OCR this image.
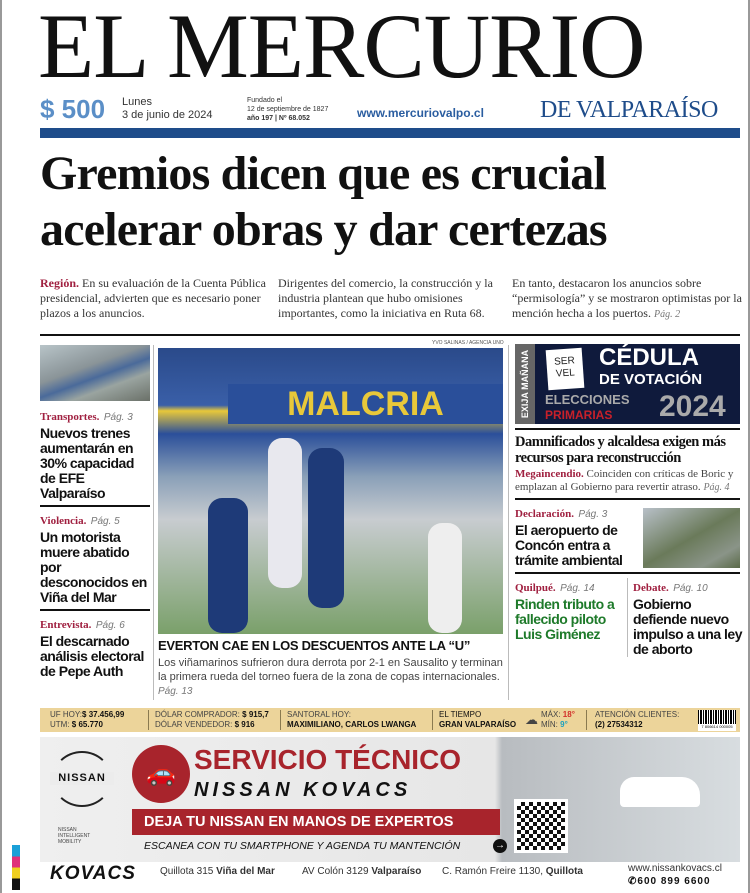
EL MERCURIO
$ 500 Lunes
3 de junio de 2024
Fundado el
12 de septiembre de 1827
año 197 | Nº 68.052	www.mercuriovalpo.cl DE VALPARAÍSO
Gremios dicen que es crucial acelerar obras y dar certezas
Región. En su evaluación de la Cuenta Pública presidencial, advierten que es necesario poner plazos a los anuncios.
Dirigentes del comercio, la construcción y la industria plantean que hubo omisiones importantes, como la iniciativa en Ruta 68.
En tanto, destacaron los anuncios sobre “permisología” y se mostraron optimistas por la mención hecha a los puertos. Pág. 2
Transportes. Pág. 3
Nuevos trenes aumentarán en 30% capacidad de EFE Valparaíso
Violencia. Pág. 5
Un motorista muere abatido por desconocidos en Viña del Mar
Entrevista. Pág. 6
El descarnado análisis electoral de Pepe Auth
MALCRIA
YVO SALINAS / AGENCIA UNO
EVERTON CAE EN LOS DESCUENTOS ANTE LA “U”
Los viñamarinos sufrieron dura derrota por 2-1 en Sausalito y terminan la primera rueda del torneo fuera de la zona de copas internacionales. Pág. 13
EXIJA MAÑANA	SER
VEL
CÉDULA
DE VOTACIÓN
ELECCIONES
PRIMARIAS 2024
Damnificados y alcaldesa exigen más recursos para reconstrucción
Megaincendio. Coinciden con críticas de Boric y emplazan al Gobierno para revertir atraso. Pág. 4
Declaración. Pág. 3
El aeropuerto de Concón entra a trámite ambiental
Quilpué. Pág. 14
Rinden tributo a fallecido piloto Luis Giménez
Debate. Pág. 10
Gobierno defiende nuevo impulso a una ley de aborto
UF HOY:$ 37.456,99
UTM: $ 65.770
DÓLAR COMPRADOR: $ 915,7
DÓLAR VENDEDOR: $ 916
SANTORAL HOY:
MAXIMILIANO, CARLOS LWANGA
EL TIEMPO
GRAN VALPARAÍSO ☁ MÁX: 18°
MÍN: 9°
ATENCIÓN CLIENTES:
(2) 27534312	7 806614 000005
NISSAN
NISSAN INTELLIGENT MOBILITY
🚗 SERVICIO TÉCNICO
NISSAN KOVACS
DEJA TU NISSAN EN MANOS DE EXPERTOS
ESCANEA CON TU SMARTPHONE Y AGENDA TU MANTENCIÓN	→
KOVACS Quillota 315 Viña del Mar	AV Colón 3129 Valparaíso C. Ramón Freire 1130, Quillota	www.nissankovacs.cl
✆600 899 6600
